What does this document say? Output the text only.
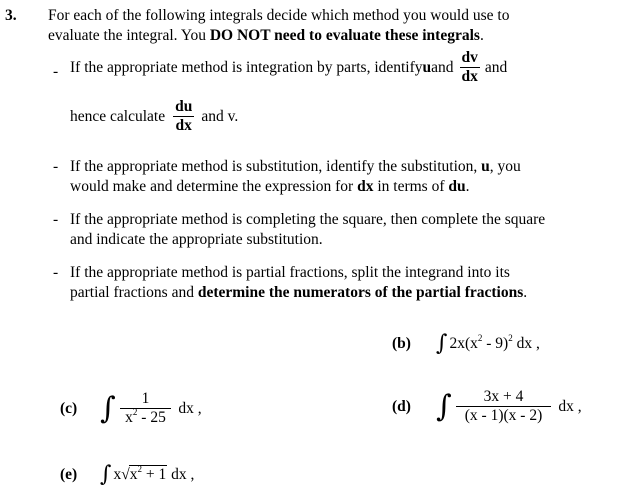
3. For each of the following integrals decide which method you would use to
evaluate the integral. You DO NOT need to evaluate these integrals.
- If the appropriate method is integration by parts, identify u and $\frac{dv}{dx}$ and
hence calculate $\frac{du}{dx}$ and v.
- If the appropriate method is substitution, identify the substitution, u, you
would make and determine the expression for dx in terms of du.
- If the appropriate method is completing the square, then complete the square
and indicate the appropriate substitution.
- If the appropriate method is partial fractions, split the integrand into its
partial fractions and determine the numerators of the partial fractions.
(b)	∫ $2x(x^2 - 9)^2$ dx ,
(c) ∫ $\frac{1}{x^2 - 25}$ dx ,	(d) ∫ $\frac{3x + 4}{(x - 1)(x - 2)}$ dx ,
(e)	∫ $x√x^2 + 1$ dx ,
